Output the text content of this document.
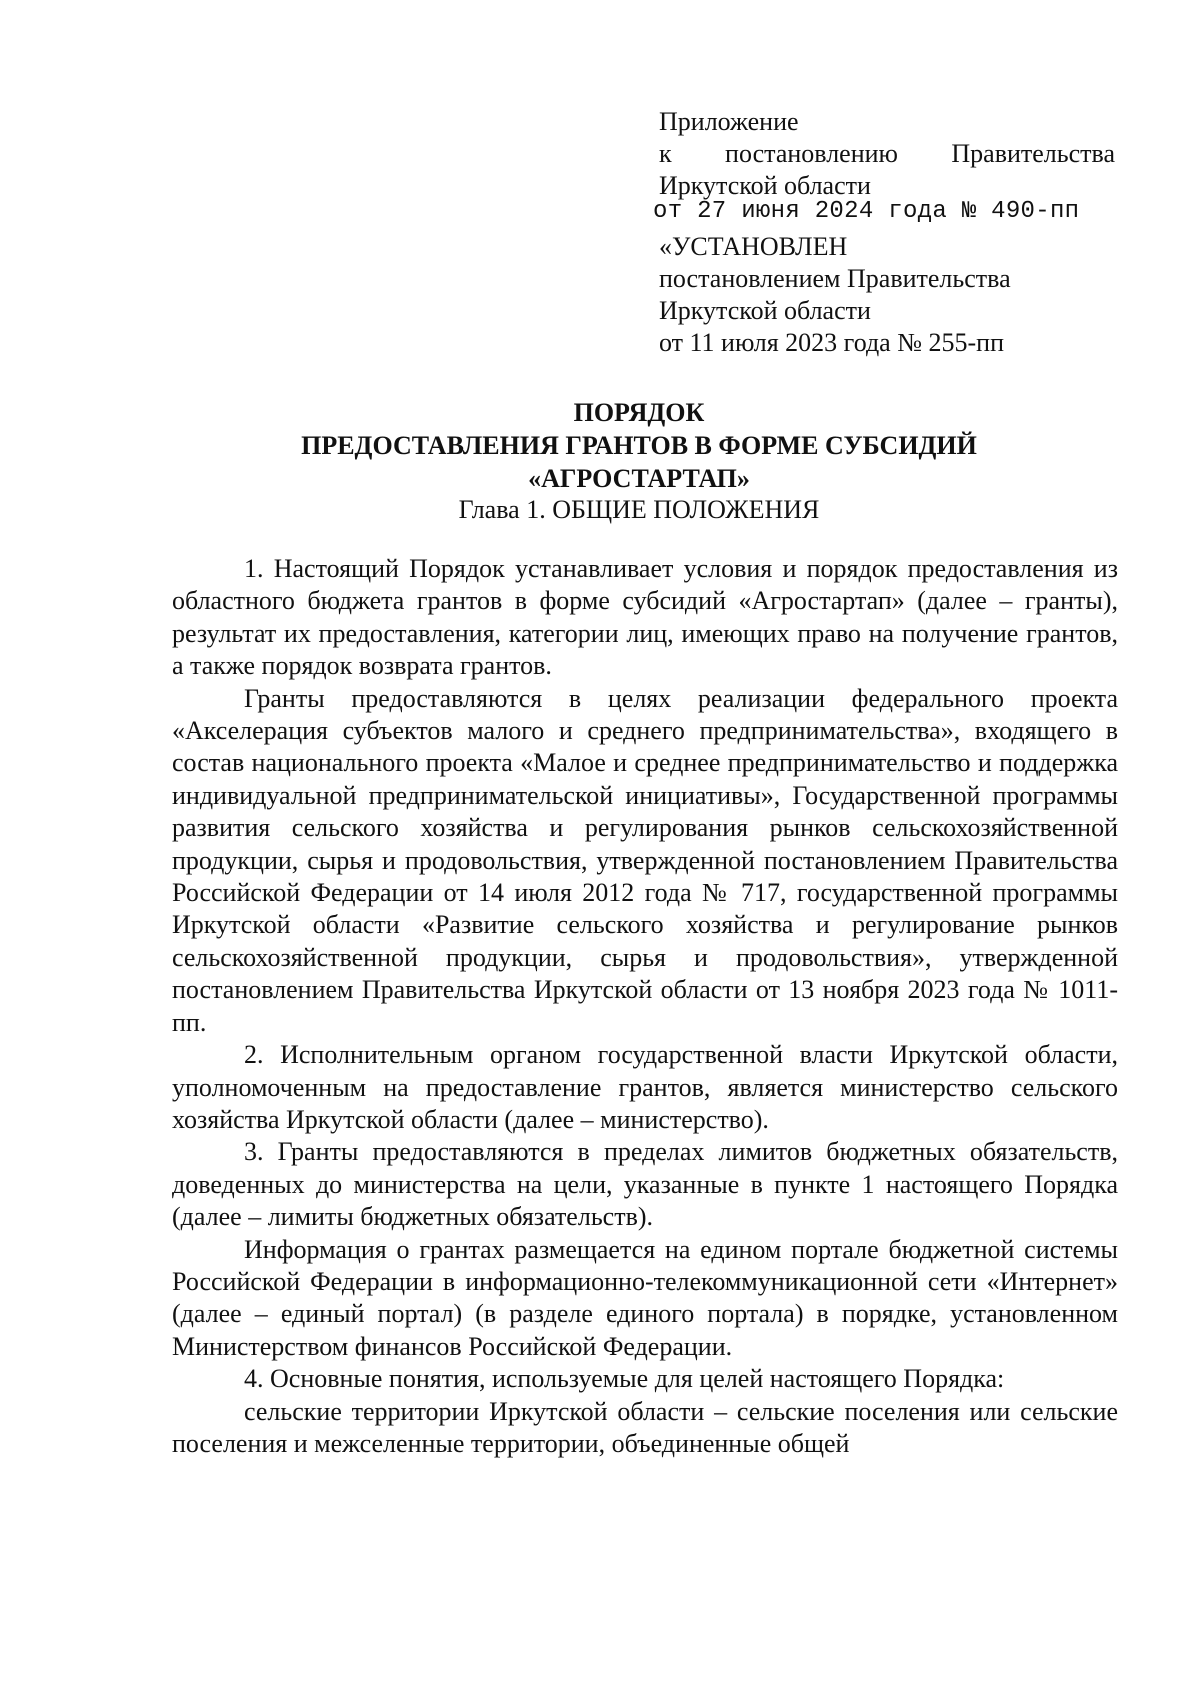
Приложение
к постановлению Правительства
Иркутской области
от 27 июня 2024 года № 490-пп
«УСТАНОВЛЕН
постановлением Правительства
Иркутской области
от 11 июля 2023 года № 255-пп
ПОРЯДОК
ПРЕДОСТАВЛЕНИЯ ГРАНТОВ В ФОРМЕ СУБСИДИЙ
«АГРОСТАРТАП»
Глава 1. ОБЩИЕ ПОЛОЖЕНИЯ

1. Настоящий Порядок устанавливает условия и порядок предоставления из областного бюджета грантов в форме субсидий «Агростартап» (далее – гранты), результат их предоставления, категории лиц, имеющих право на получение грантов, а также порядок возврата грантов.

Гранты предоставляются в целях реализации федерального проекта «Акселерация субъектов малого и среднего предпринимательства», входящего в состав национального проекта «Малое и среднее предпринимательство и поддержка индивидуальной предпринимательской инициативы», Государственной программы развития сельского хозяйства и регулирования рынков сельскохозяйственной продукции, сырья и продовольствия, утвержденной постановлением Правительства Российской Федерации от 14 июля 2012 года № 717, государственной программы Иркутской области «Развитие сельского хозяйства и регулирование рынков сельскохозяйственной продукции, сырья и продовольствия», утвержденной постановлением Правительства Иркутской области от 13 ноября 2023 года № 1011-пп.

2. Исполнительным органом государственной власти Иркутской области, уполномоченным на предоставление грантов, является министерство сельского хозяйства Иркутской области (далее – министерство).

3. Гранты предоставляются в пределах лимитов бюджетных обязательств, доведенных до министерства на цели, указанные в пункте 1 настоящего Порядка (далее – лимиты бюджетных обязательств).

Информация о грантах размещается на едином портале бюджетной системы Российской Федерации в информационно-телекоммуникационной сети «Интернет» (далее – единый портал) (в разделе единого портала) в порядке, установленном Министерством финансов Российской Федерации.

4. Основные понятия, используемые для целей настоящего Порядка:

сельские территории Иркутской области – сельские поселения или сельские поселения и межселенные территории, объединенные общей
